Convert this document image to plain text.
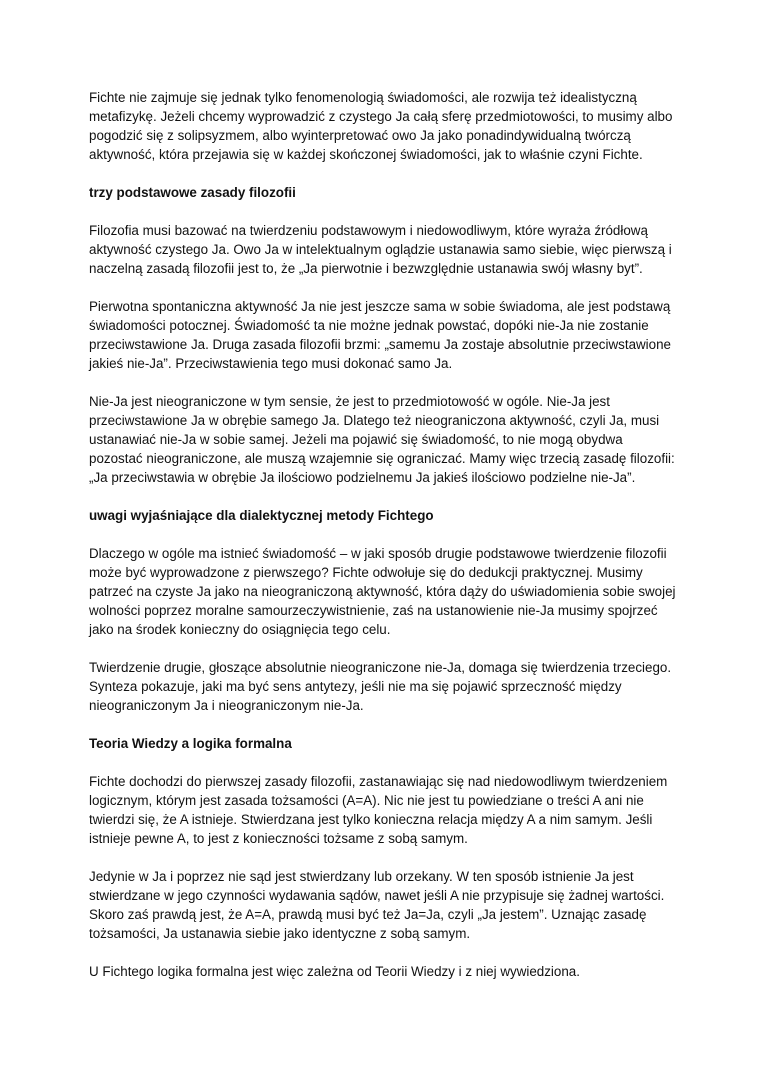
Fichte nie zajmuje się jednak tylko fenomenologią świadomości, ale rozwija też idealistyczną metafizykę. Jeżeli chcemy wyprowadzić z czystego Ja całą sferę przedmiotowości, to musimy albo pogodzić się z solipsyzmem, albo wyinterpretować owo Ja jako ponadindywidualną twórczą aktywność, która przejawia się w każdej skończonej świadomości, jak to właśnie czyni Fichte.

trzy podstawowe zasady filozofii

Filozofia musi bazować na twierdzeniu podstawowym i niedowodliwym, które wyraża źródłową aktywność czystego Ja. Owo Ja w intelektualnym oglądzie ustanawia samo siebie, więc pierwszą i naczelną zasadą filozofii jest to, że „Ja pierwotnie i bezwzględnie ustanawia swój własny byt”.

Pierwotna spontaniczna aktywność Ja nie jest jeszcze sama w sobie świadoma, ale jest podstawą świadomości potocznej. Świadomość ta nie możne jednak powstać, dopóki nie-Ja nie zostanie przeciwstawione Ja. Druga zasada filozofii brzmi: „samemu Ja zostaje absolutnie przeciwstawione jakieś nie-Ja”. Przeciwstawienia tego musi dokonać samo Ja.

Nie-Ja jest nieograniczone w tym sensie, że jest to przedmiotowość w ogóle. Nie-Ja jest przeciwstawione Ja w obrębie samego Ja. Dlatego też nieograniczona aktywność, czyli Ja, musi ustanawiać nie-Ja w sobie samej. Jeżeli ma pojawić się świadomość, to nie mogą obydwa pozostać nieograniczone, ale muszą wzajemnie się ograniczać. Mamy więc trzecią zasadę filozofii: „Ja przeciwstawia w obrębie Ja ilościowo podzielnemu Ja jakieś ilościowo podzielne nie-Ja”.

uwagi wyjaśniające dla dialektycznej metody Fichtego

Dlaczego w ogóle ma istnieć świadomość – w jaki sposób drugie podstawowe twierdzenie filozofii może być wyprowadzone z pierwszego? Fichte odwołuje się do dedukcji praktycznej. Musimy patrzeć na czyste Ja jako na nieograniczoną aktywność, która dąży do uświadomienia sobie swojej wolności poprzez moralne samourzeczywistnienie, zaś na ustanowienie nie-Ja musimy spojrzeć jako na środek konieczny do osiągnięcia tego celu.

Twierdzenie drugie, głoszące absolutnie nieograniczone nie-Ja, domaga się twierdzenia trzeciego. Synteza pokazuje, jaki ma być sens antytezy, jeśli nie ma się pojawić sprzeczność między nieograniczonym Ja i nieograniczonym nie-Ja.

Teoria Wiedzy a logika formalna

Fichte dochodzi do pierwszej zasady filozofii, zastanawiając się nad niedowodliwym twierdzeniem logicznym, którym jest zasada tożsamości (A=A). Nic nie jest tu powiedziane o treści A ani nie twierdzi się, że A istnieje. Stwierdzana jest tylko konieczna relacja między A a nim samym. Jeśli istnieje pewne A, to jest z konieczności tożsame z sobą samym.

Jedynie w Ja i poprzez nie sąd jest stwierdzany lub orzekany. W ten sposób istnienie Ja jest stwierdzane w jego czynności wydawania sądów, nawet jeśli A nie przypisuje się żadnej wartości. Skoro zaś prawdą jest, że A=A, prawdą musi być też Ja=Ja, czyli „Ja jestem”. Uznając zasadę tożsamości, Ja ustanawia siebie jako identyczne z sobą samym.

U Fichtego logika formalna jest więc zależna od Teorii Wiedzy i z niej wywiedziona.
